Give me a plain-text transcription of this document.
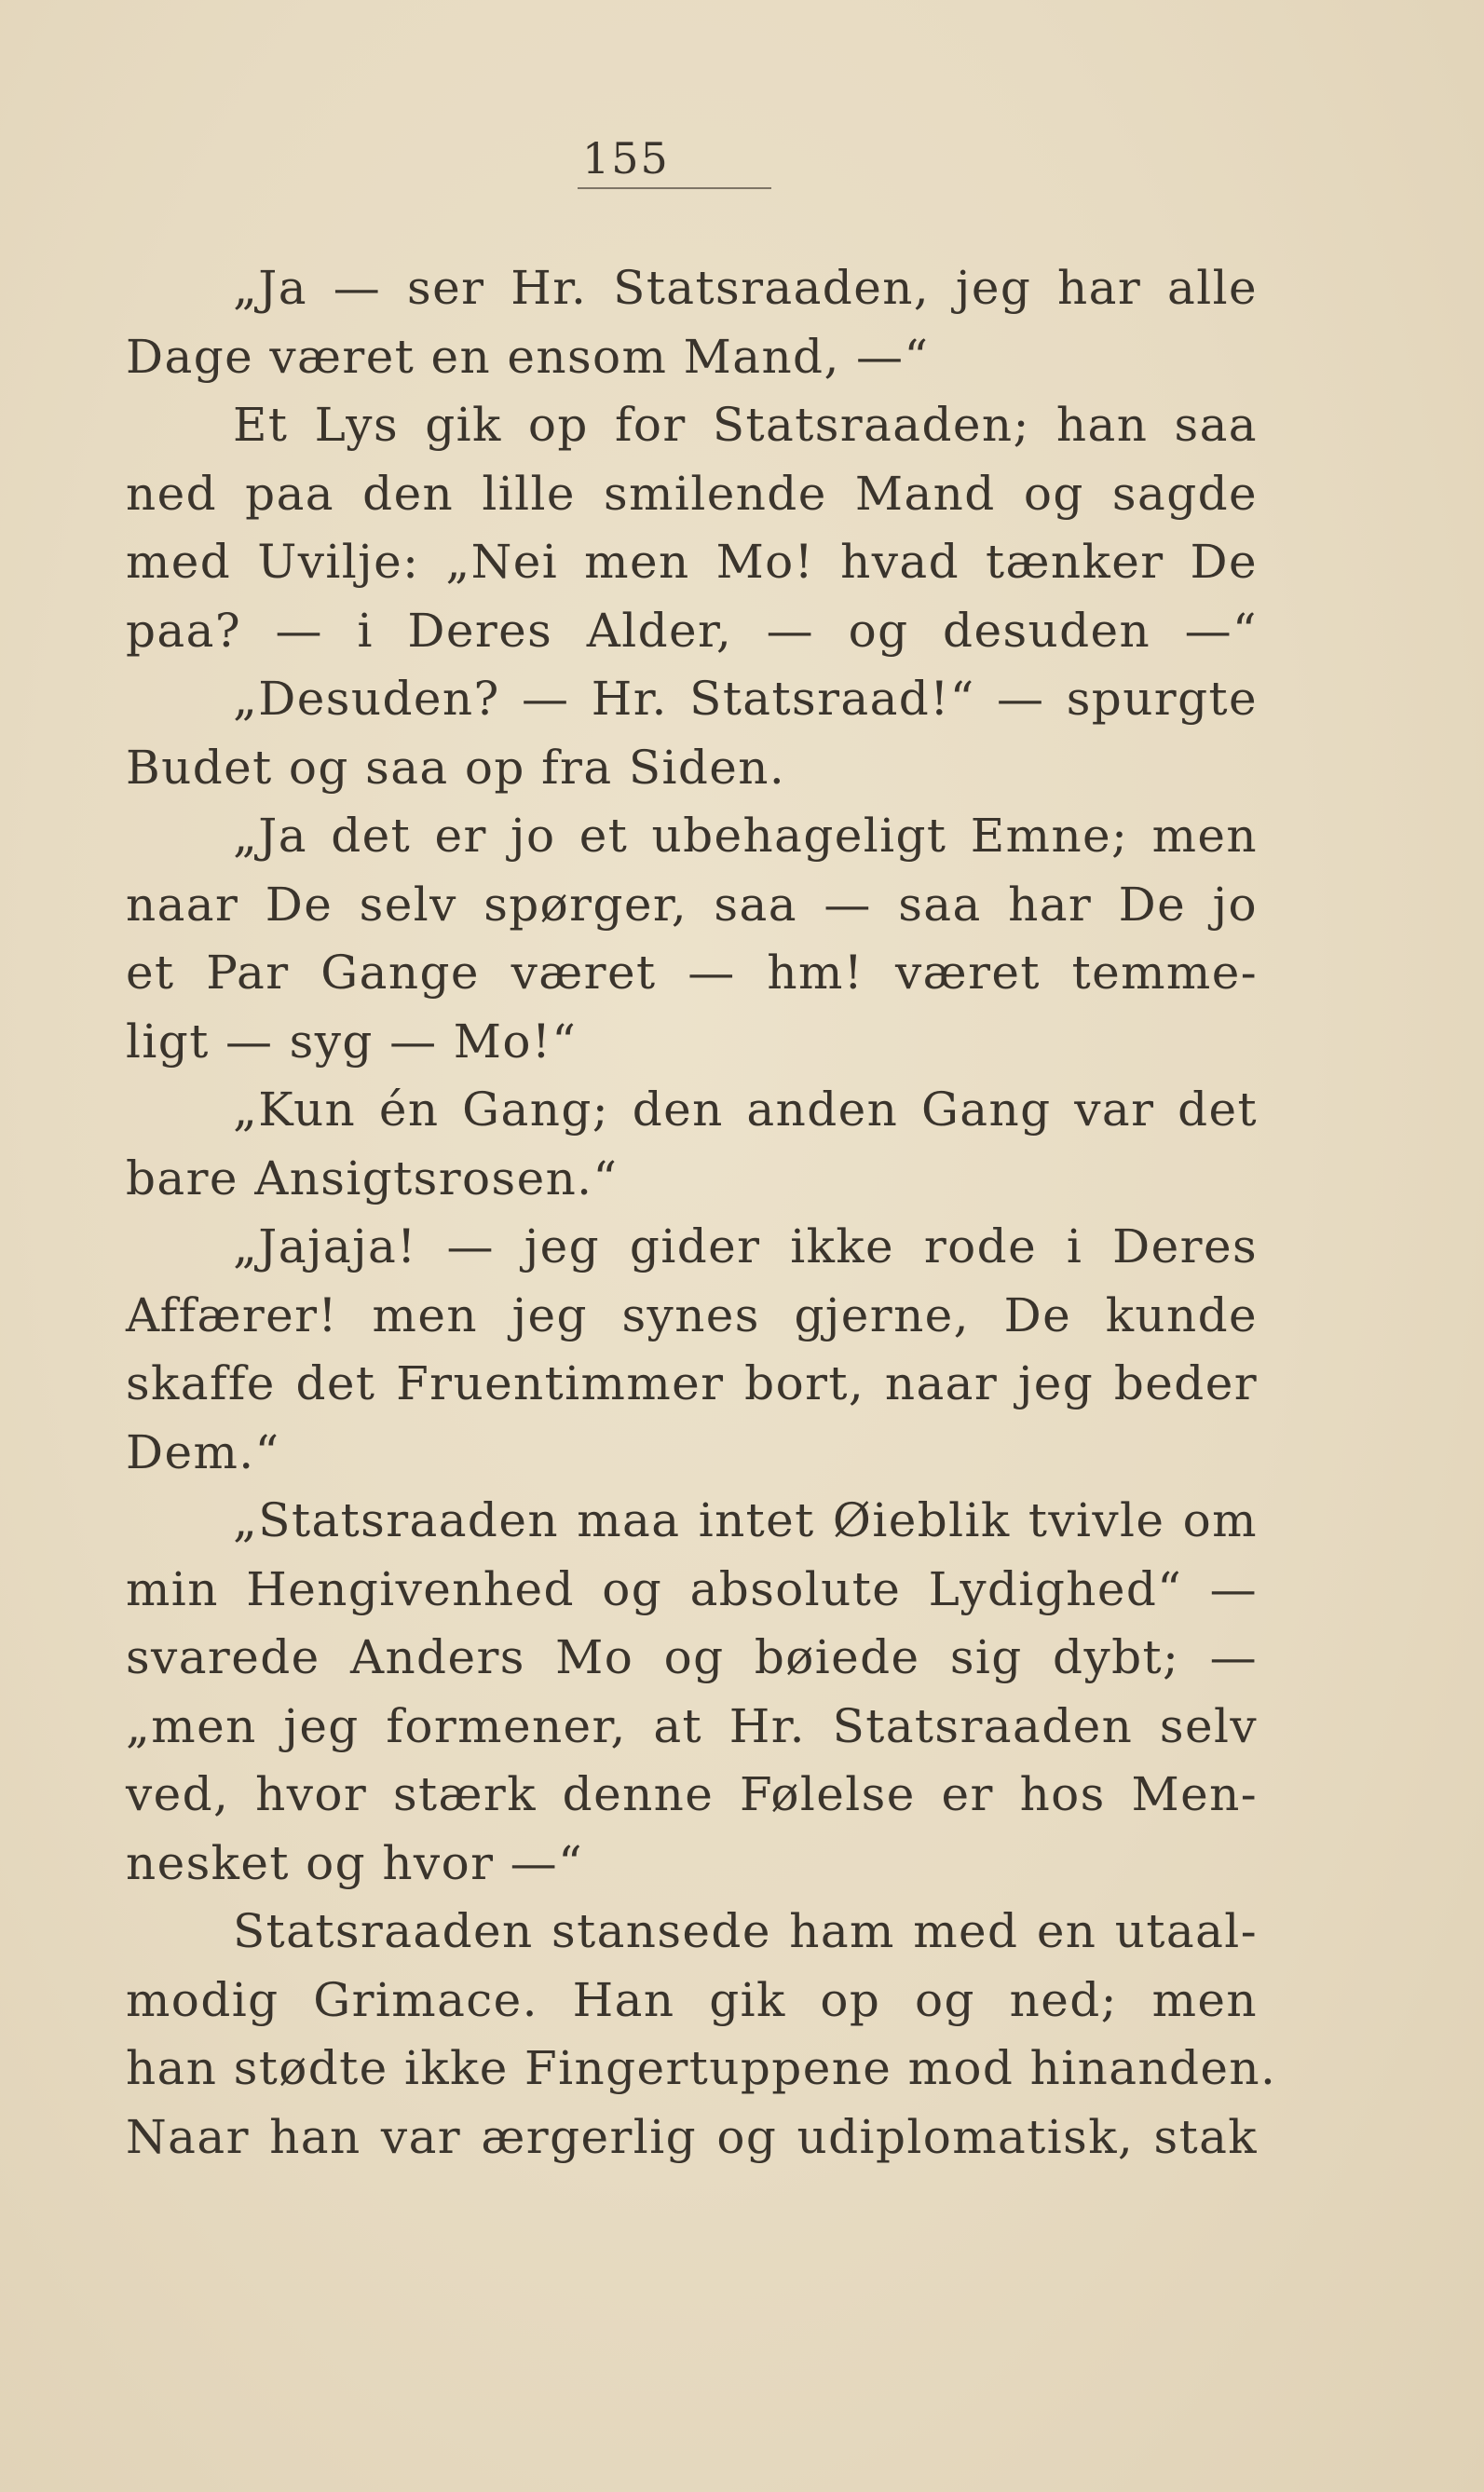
155
„Ja — ser Hr. Statsraaden, jeg har alle
Dage været en ensom Mand, —“
Et Lys gik op for Statsraaden; han saa
ned paa den lille smilende Mand og sagde
med Uvilje: „Nei men Mo! hvad tænker De
paa? — i Deres Alder, — og desuden —“
„Desuden? — Hr. Statsraad!“ — spurgte
Budet og saa op fra Siden.
„Ja det er jo et ubehageligt Emne; men
naar De selv spørger, saa — saa har De jo
et Par Gange været — hm! været temme-
ligt — syg — Mo!“
„Kun én Gang; den anden Gang var det
bare Ansigtsrosen.“
„Jajaja! — jeg gider ikke rode i Deres
Affærer! men jeg synes gjerne, De kunde
skaffe det Fruentimmer bort, naar jeg beder
Dem.“
„Statsraaden maa intet Øieblik tvivle om
min Hengivenhed og absolute Lydighed“ —
svarede Anders Mo og bøiede sig dybt; —
„men jeg formener, at Hr. Statsraaden selv
ved, hvor stærk denne Følelse er hos Men-
nesket og hvor —“
Statsraaden stansede ham med en utaal-
modig Grimace. Han gik op og ned; men
han stødte ikke Fingertuppene mod hinanden.
Naar han var ærgerlig og udiplomatisk, stak
